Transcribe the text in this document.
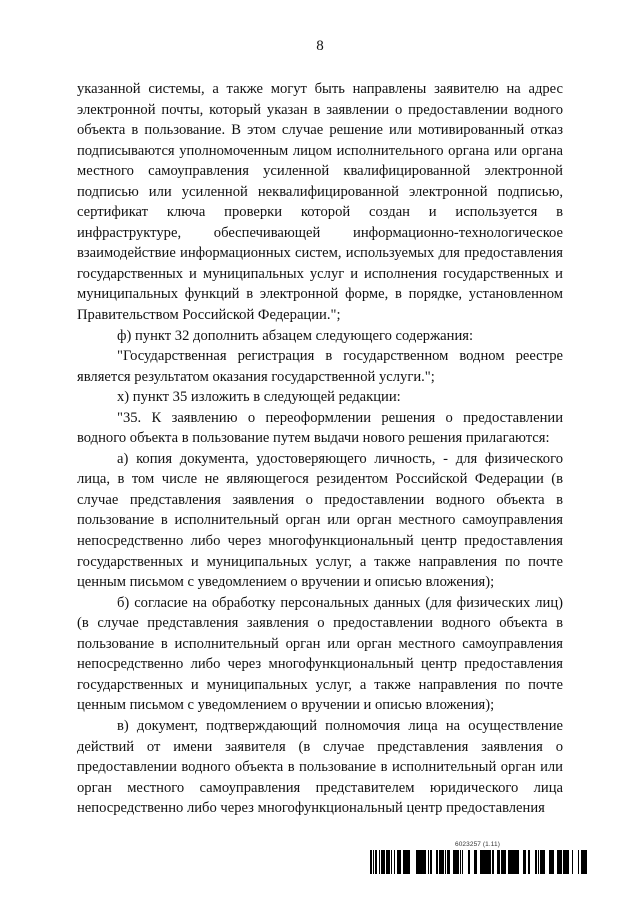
8

указанной системы, а также могут быть направлены заявителю на адрес электронной почты, который указан в заявлении о предоставлении водного объекта в пользование. В этом случае решение или мотивированный отказ подписываются уполномоченным лицом исполнительного органа или органа местного самоуправления усиленной квалифицированной электронной подписью или усиленной неквалифицированной электронной подписью, сертификат ключа проверки которой создан и используется в инфраструктуре, обеспечивающей информационно-технологическое взаимодействие информационных систем, используемых для предоставления государственных и муниципальных услуг и исполнения государственных и муниципальных функций в электронной форме, в порядке, установленном Правительством Российской Федерации.";

ф) пункт 32 дополнить абзацем следующего содержания:

"Государственная регистрация в государственном водном реестре является результатом оказания государственной услуги.";

х) пункт 35 изложить в следующей редакции:

"35. К заявлению о переоформлении решения о предоставлении водного объекта в пользование путем выдачи нового решения прилагаются:

а) копия документа, удостоверяющего личность, - для физического лица, в том числе не являющегося резидентом Российской Федерации (в случае представления заявления о предоставлении водного объекта в пользование в исполнительный орган или орган местного самоуправления непосредственно либо через многофункциональный центр предоставления государственных и муниципальных услуг, а также направления по почте ценным письмом с уведомлением о вручении и описью вложения);

б) согласие на обработку персональных данных (для физических лиц) (в случае представления заявления о предоставлении водного объекта в пользование в исполнительный орган или орган местного самоуправления непосредственно либо через многофункциональный центр предоставления государственных и муниципальных услуг, а также направления по почте ценным письмом с уведомлением о вручении и описью вложения);

в) документ, подтверждающий полномочия лица на осуществление действий от имени заявителя (в случае представления заявления о предоставлении водного объекта в пользование в исполнительный орган или орган местного самоуправления представителем юридического лица непосредственно либо через многофункциональный центр предоставления

6023257 (1.11)
